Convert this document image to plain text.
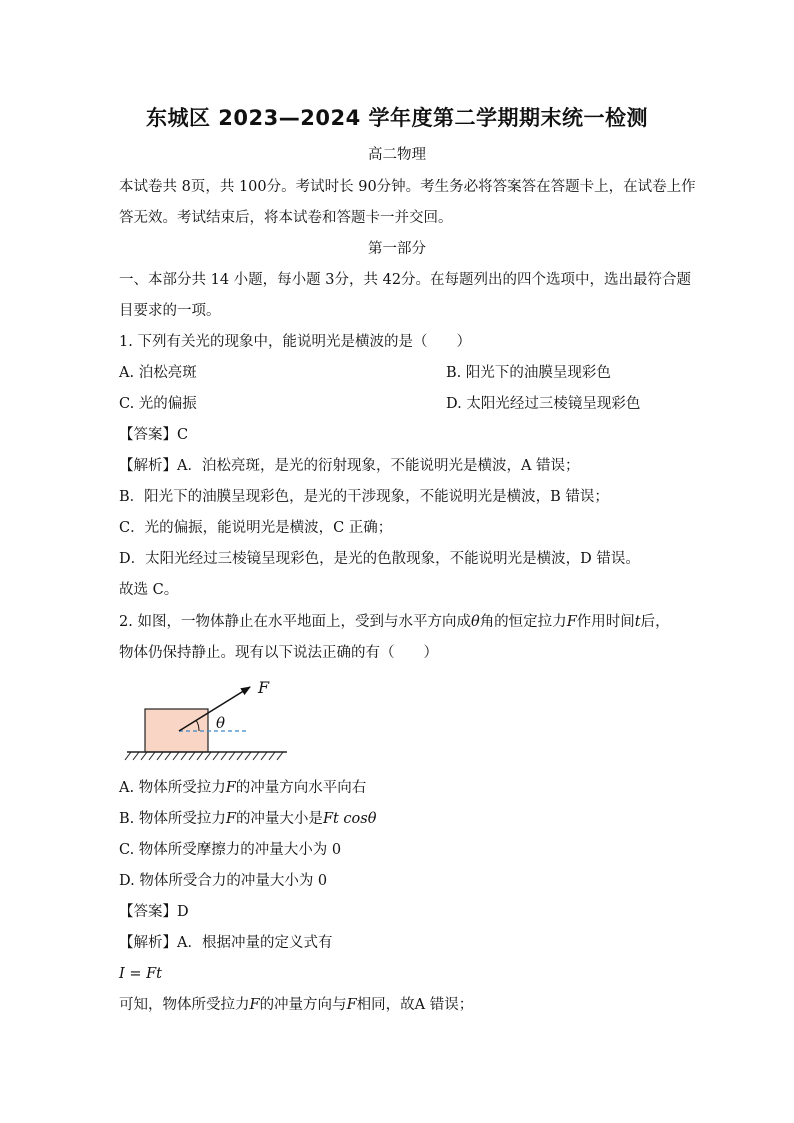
东城区 2023—2024 学年度第二学期期末统一检测
高二物理
本试卷共 8页，共 100分。考试时长 90分钟。考生务必将答案答在答题卡上，在试卷上作
答无效。考试结束后，将本试卷和答题卡一并交回。
第一部分
一、本部分共 14 小题，每小题 3分，共 42分。在每题列出的四个选项中，选出最符合题
目要求的一项。
1. 下列有关光的现象中，能说明光是横波的是（　　）
A. 泊松亮斑	B. 阳光下的油膜呈现彩色
C. 光的偏振	D. 太阳光经过三棱镜呈现彩色
【答案】C
【解析】A．泊松亮斑，是光的衍射现象，不能说明光是横波，A 错误；
B．阳光下的油膜呈现彩色，是光的干涉现象，不能说明光是横波，B 错误；
C．光的偏振，能说明光是横波，C 正确；
D．太阳光经过三棱镜呈现彩色，是光的色散现象，不能说明光是横波，D 错误。
故选 C。
2. 如图，一物体静止在水平地面上，受到与水平方向成θ角的恒定拉力F作用时间t后，
物体仍保持静止。现有以下说法正确的有（　　）
F
θ
A. 物体所受拉力F的冲量方向水平向右
B. 物体所受拉力F的冲量大小是Ft cosθ
C. 物体所受摩擦力的冲量大小为 0
D. 物体所受合力的冲量大小为 0
【答案】D
【解析】A．根据冲量的定义式有
I = Ft
可知，物体所受拉力F的冲量方向与F相同，故A 错误；
